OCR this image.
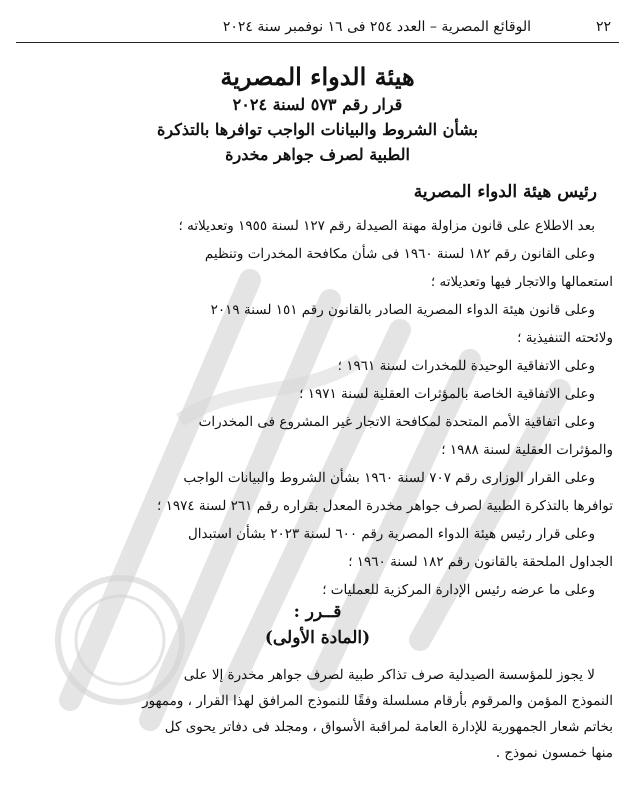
٢٢
الوقائع المصرية – العدد ٢٥٤ فى ١٦ نوفمبر سنة ٢٠٢٤

هيئة الدواء المصرية

قرار رقم ٥٧٣ لسنة ٢٠٢٤

بشأن الشروط والبيانات الواجب توافرها بالتذكرة

الطبية لصرف جواهر مخدرة

رئيس هيئة الدواء المصرية

بعد الاطلاع على قانون مزاولة مهنة الصيدلة رقم ١٢٧ لسنة ١٩٥٥ وتعديلاته ؛

وعلى القانون رقم ١٨٢ لسنة ١٩٦٠ فى شأن مكافحة المخدرات وتنظيم

استعمالها والاتجار فيها وتعديلاته ؛

وعلى قانون هيئة الدواء المصرية الصادر بالقانون رقم ١٥١ لسنة ٢٠١٩

ولائحته التنفيذية ؛

وعلى الاتفاقية الوحيدة للمخدرات لسنة ١٩٦١ ؛

وعلى الاتفاقية الخاصة بالمؤثرات العقلية لسنة ١٩٧١ ؛

وعلى اتفاقية الأمم المتحدة لمكافحة الاتجار غير المشروع فى المخدرات

والمؤثرات العقلية لسنة ١٩٨٨ ؛

وعلى القرار الوزارى رقم ٧٠٧ لسنة ١٩٦٠ بشأن الشروط والبيانات الواجب

توافرها بالتذكرة الطبية لصرف جواهر مخدرة المعدل بقراره رقم ٢٦١ لسنة ١٩٧٤ ؛

وعلى قرار رئيس هيئة الدواء المصرية رقم ٦٠٠ لسنة ٢٠٢٣ بشأن استبدال

الجداول الملحقة بالقانون رقم ١٨٢ لسنة ١٩٦٠ ؛

وعلى ما عرضه رئيس الإدارة المركزية للعمليات ؛

قــرر :
(المادة الأولى)

لا يجوز للمؤسسة الصيدلية صرف تذاكر طبية لصرف جواهر مخدرة إلا على

النموذج المؤمن والمرقوم بأرقام مسلسلة وفقًا للنموذج المرافق لهذا القرار ، وممهور

بخاتم شعار الجمهورية للإدارة العامة لمراقبة الأسواق ، ومجلد فى دفاتر يحوى كل

منها خمسون نموذج .
